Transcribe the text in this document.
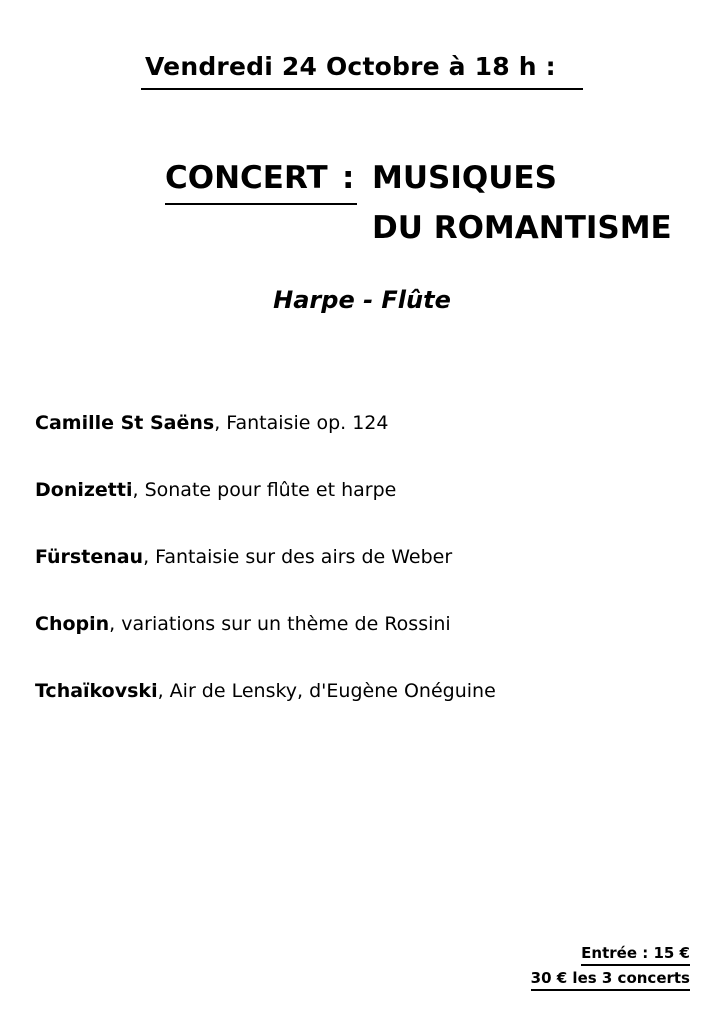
Vendredi 24 Octobre à 18 h :
CONCERT : MUSIQUES
DU ROMANTISME
Harpe - Flûte
Camille St Saëns, Fantaisie op. 124
Donizetti, Sonate pour flûte et harpe
Fürstenau, Fantaisie sur des airs de Weber
Chopin, variations sur un thème de Rossini
Tchaïkovski, Air de Lensky, d'Eugène Onéguine
Entrée : 15 €
30 € les 3 concerts
